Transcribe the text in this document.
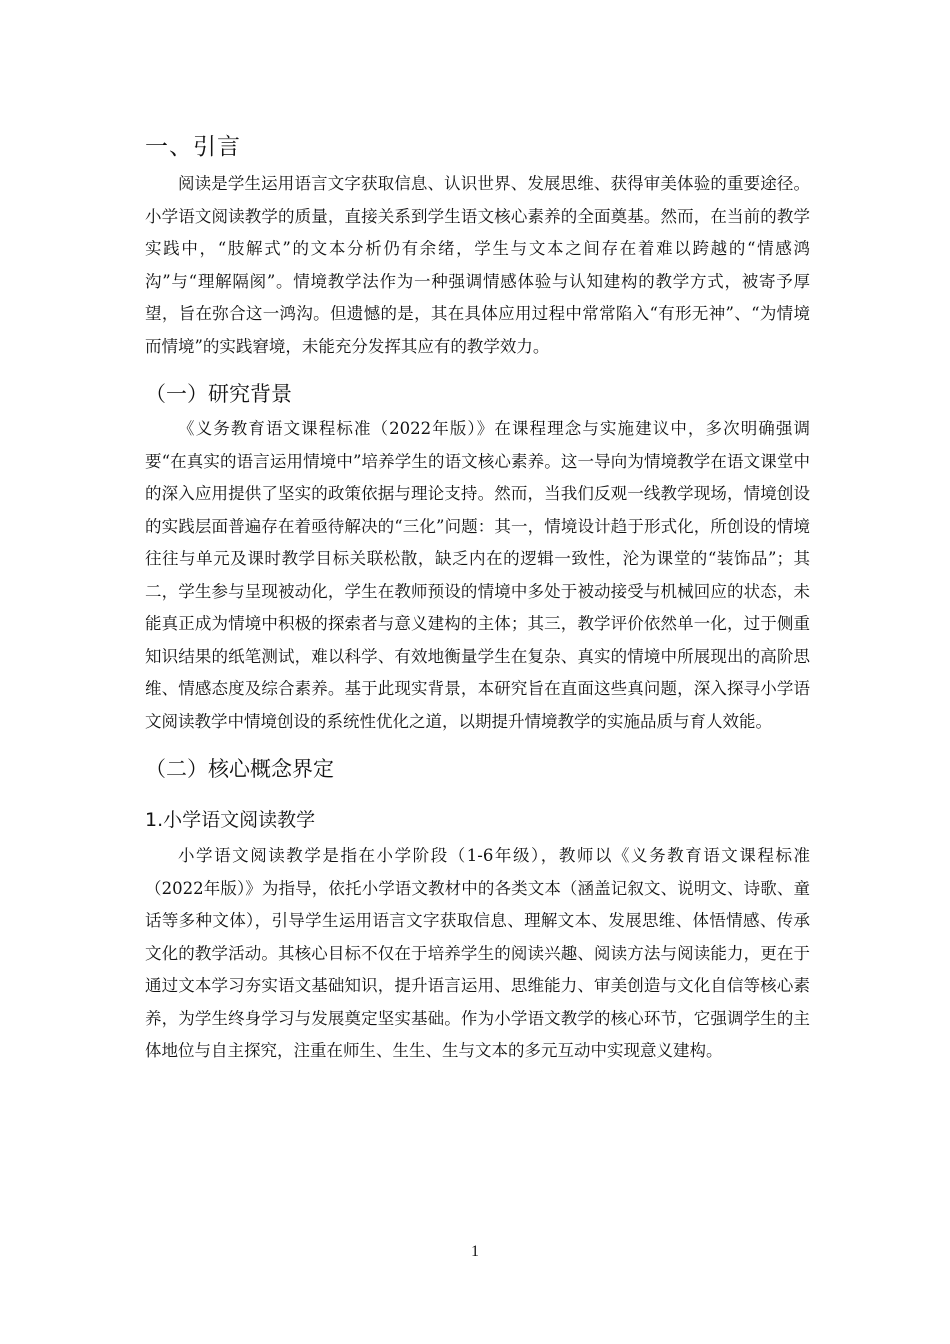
一、引言

阅读是学生运用语言文字获取信息、认识世界、发展思维、获得审美体验的重要途径。小学语文阅读教学的质量，直接关系到学生语文核心素养的全面奠基。然而，在当前的教学实践中，“肢解式”的文本分析仍有余绪，学生与文本之间存在着难以跨越的“情感鸿沟”与“理解隔阂”。情境教学法作为一种强调情感体验与认知建构的教学方式，被寄予厚望，旨在弥合这一鸿沟。但遗憾的是，其在具体应用过程中常常陷入“有形无神”、“为情境而情境”的实践窘境，未能充分发挥其应有的教学效力。

（一）研究背景

《义务教育语文课程标准（2022年版）》在课程理念与实施建议中，多次明确强调要“在真实的语言运用情境中”培养学生的语文核心素养。这一导向为情境教学在语文课堂中的深入应用提供了坚实的政策依据与理论支持。然而，当我们反观一线教学现场，情境创设的实践层面普遍存在着亟待解决的“三化”问题：其一，情境设计趋于形式化，所创设的情境往往与单元及课时教学目标关联松散，缺乏内在的逻辑一致性，沦为课堂的“装饰品”；其二，学生参与呈现被动化，学生在教师预设的情境中多处于被动接受与机械回应的状态，未能真正成为情境中积极的探索者与意义建构的主体；其三，教学评价依然单一化，过于侧重知识结果的纸笔测试，难以科学、有效地衡量学生在复杂、真实的情境中所展现出的高阶思维、情感态度及综合素养。基于此现实背景，本研究旨在直面这些真问题，深入探寻小学语文阅读教学中情境创设的系统性优化之道，以期提升情境教学的实施品质与育人效能。

（二）核心概念界定
1.小学语文阅读教学

小学语文阅读教学是指在小学阶段（1-6年级），教师以《义务教育语文课程标准（2022年版）》为指导，依托小学语文教材中的各类文本（涵盖记叙文、说明文、诗歌、童话等多种文体），引导学生运用语言文字获取信息、理解文本、发展思维、体悟情感、传承文化的教学活动。其核心目标不仅在于培养学生的阅读兴趣、阅读方法与阅读能力，更在于通过文本学习夯实语文基础知识，提升语言运用、思维能力、审美创造与文化自信等核心素养，为学生终身学习与发展奠定坚实基础。作为小学语文教学的核心环节，它强调学生的主体地位与自主探究，注重在师生、生生、生与文本的多元互动中实现意义建构。

1
